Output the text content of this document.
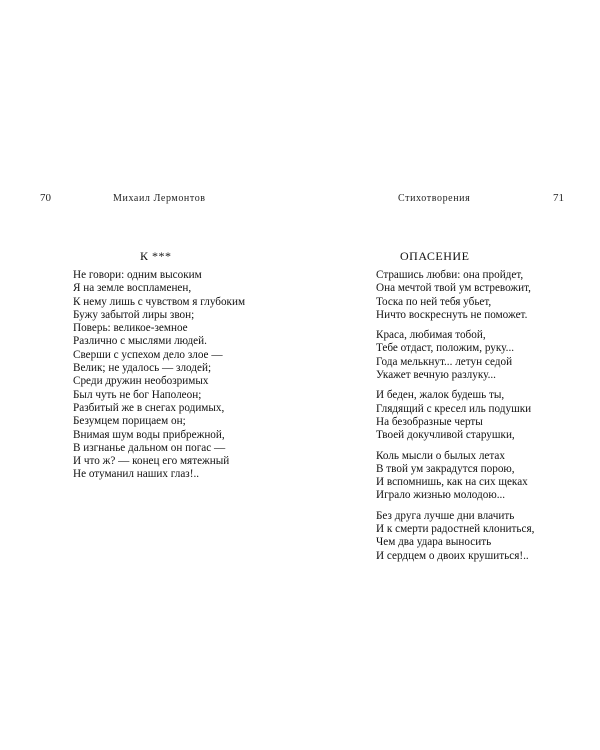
70	Михаил Лермонтов
К ***
Не говори: одним высоким
Я на земле воспламенен,
К нему лишь с чувством я глубоким
Бужу забытой лиры звон;
Поверь: великое-земное
Различно с мыслями людей.
Сверши с успехом дело злое —
Велик; не удалось — злодей;
Среди дружин необозримых
Был чуть не бог Наполеон;
Разбитый же в снегах родимых,
Безумцем порицаем он;
Внимая шум воды прибрежной,
В изгнанье дальном он погас —
И что ж? — конец его мятежный
Не отуманил наших глаз!..
Стихотворения	71
ОПАСЕНИЕ
Страшись любви: она пройдет,
Она мечтой твой ум встревожит,
Тоска по ней тебя убьет,
Ничто воскреснуть не поможет.
Краса, любимая тобой,
Тебе отдаст, положим, руку...
Года мелькнут... летун седой
Укажет вечную разлуку...
И беден, жалок будешь ты,
Глядящий с кресел иль подушки
На безобразные черты
Твоей докучливой старушки,
Коль мысли о былых летах
В твой ум закрадутся порою,
И вспомнишь, как на сих щеках
Играло жизнью молодою...
Без друга лучше дни влачить
И к смерти радостней клониться,
Чем два удара выносить
И сердцем о двоих крушиться!..
